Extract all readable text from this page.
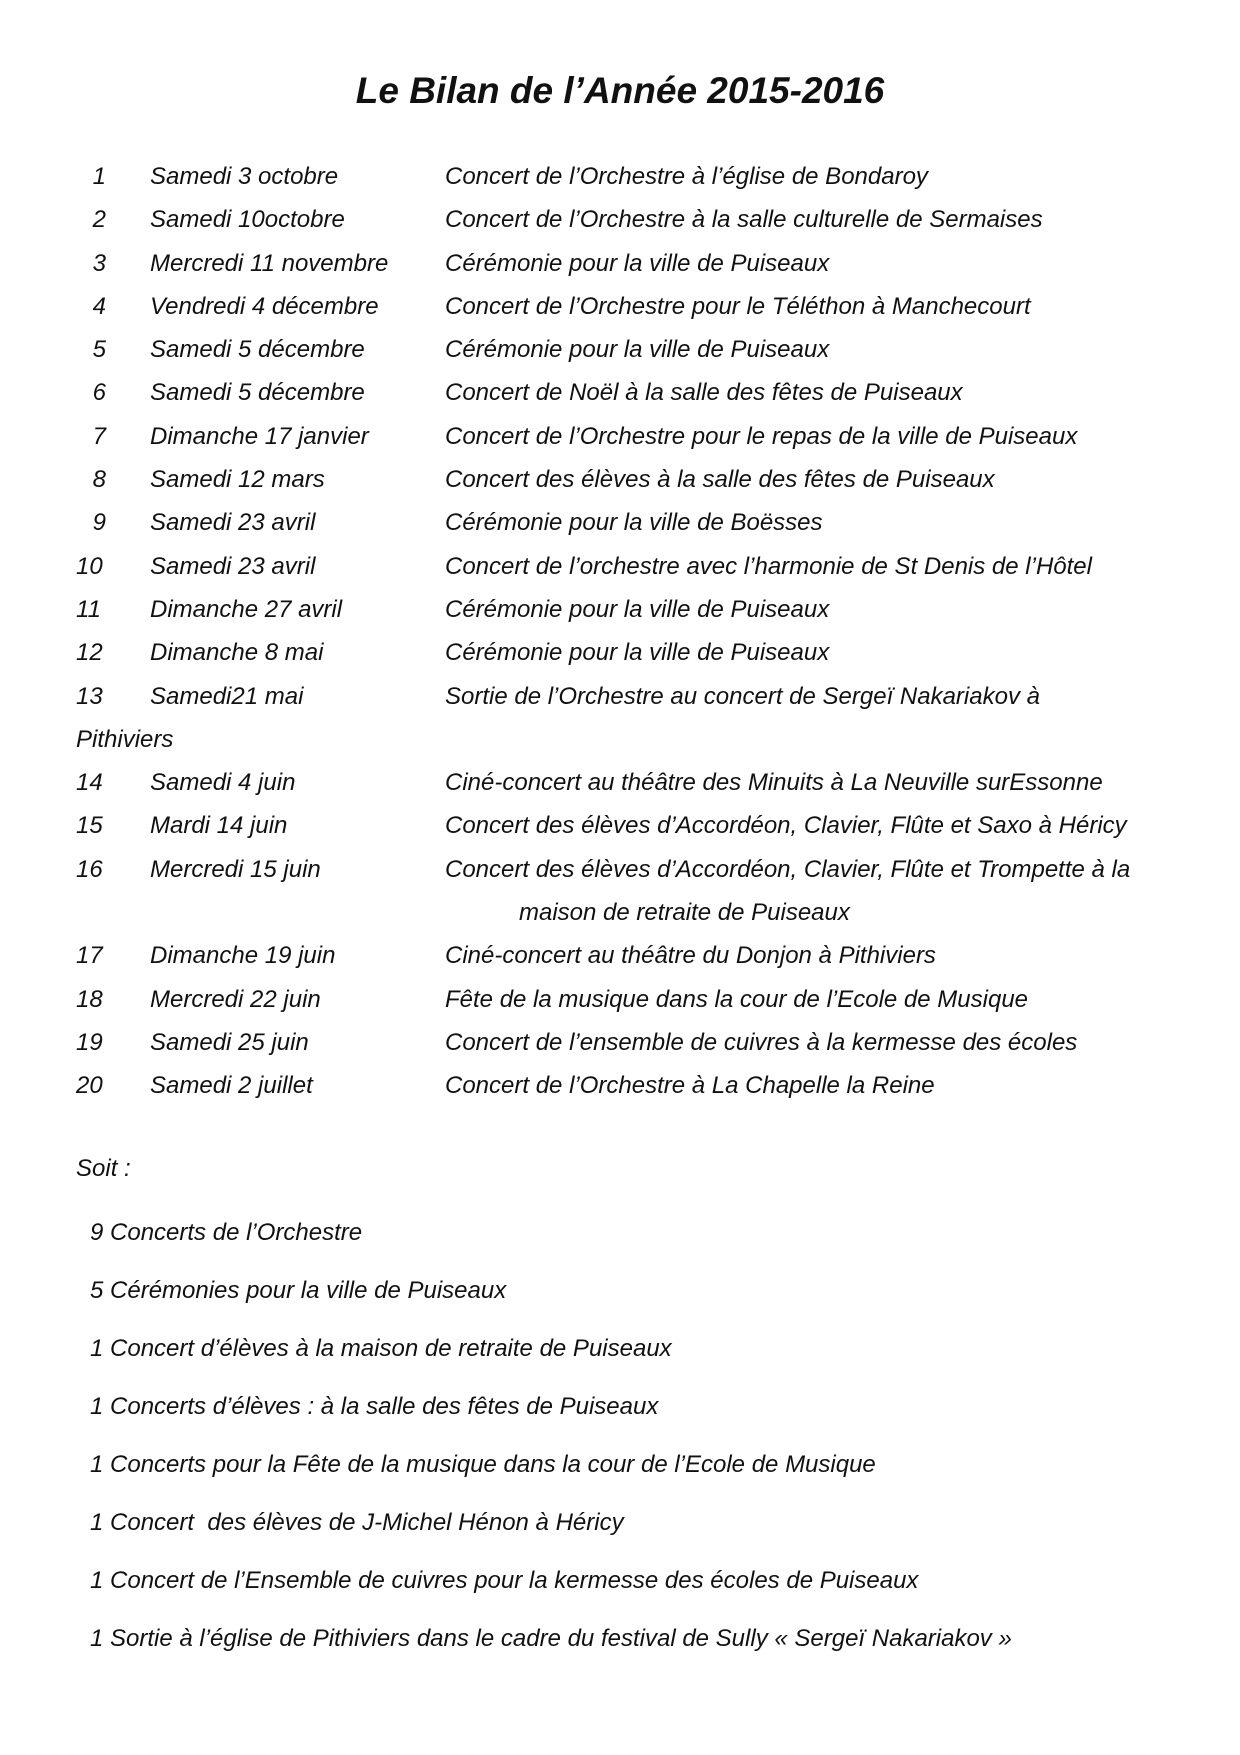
Le Bilan de l’Année 2015-2016
1 Samedi 3 octobre	Concert de l’Orchestre à l’église de Bondaroy
2 Samedi 10octobre	Concert de l’Orchestre à la salle culturelle de Sermaises
3 Mercredi 11 novembre Cérémonie pour la ville de Puiseaux
4 Vendredi 4 décembre	Concert de l’Orchestre pour le Téléthon à Manchecourt
5 Samedi 5 décembre	Cérémonie pour la ville de Puiseaux
6 Samedi 5 décembre	Concert de Noël à la salle des fêtes de Puiseaux
7 Dimanche 17 janvier	Concert de l’Orchestre pour le repas de la ville de Puiseaux
8 Samedi 12 mars	Concert des élèves à la salle des fêtes de Puiseaux
9 Samedi 23 avril	Cérémonie pour la ville de Boësses
10 Samedi 23 avril	Concert de l’orchestre avec l’harmonie de St Denis de l’Hôtel
11 Dimanche 27 avril	Cérémonie pour la ville de Puiseaux
12 Dimanche 8 mai	Cérémonie pour la ville de Puiseaux
13 Samedi21 mai	Sortie de l’Orchestre au concert de Sergeï Nakariakov à
Pithiviers
14 Samedi 4 juin	Ciné-concert au théâtre des Minuits à La Neuville surEssonne
15 Mardi 14 juin	Concert des élèves d’Accordéon, Clavier, Flûte et Saxo à Héricy
16 Mercredi 15 juin	Concert des élèves d’Accordéon, Clavier, Flûte et Trompette à la
maison de retraite de Puiseaux
17 Dimanche 19 juin	Ciné-concert au théâtre du Donjon à Pithiviers
18 Mercredi 22 juin	Fête de la musique dans la cour de l’Ecole de Musique
19 Samedi 25 juin	Concert de l’ensemble de cuivres à la kermesse des écoles
20 Samedi 2 juillet	Concert de l’Orchestre à La Chapelle la Reine
Soit :
9 Concerts de l’Orchestre
5 Cérémonies pour la ville de Puiseaux
1 Concert d’élèves à la maison de retraite de Puiseaux
1 Concerts d’élèves : à la salle des fêtes de Puiseaux
1 Concerts pour la Fête de la musique dans la cour de l’Ecole de Musique
1 Concert  des élèves de J-Michel Hénon à Héricy
1 Concert de l’Ensemble de cuivres pour la kermesse des écoles de Puiseaux
1 Sortie à l’église de Pithiviers dans le cadre du festival de Sully « Sergeï Nakariakov »
